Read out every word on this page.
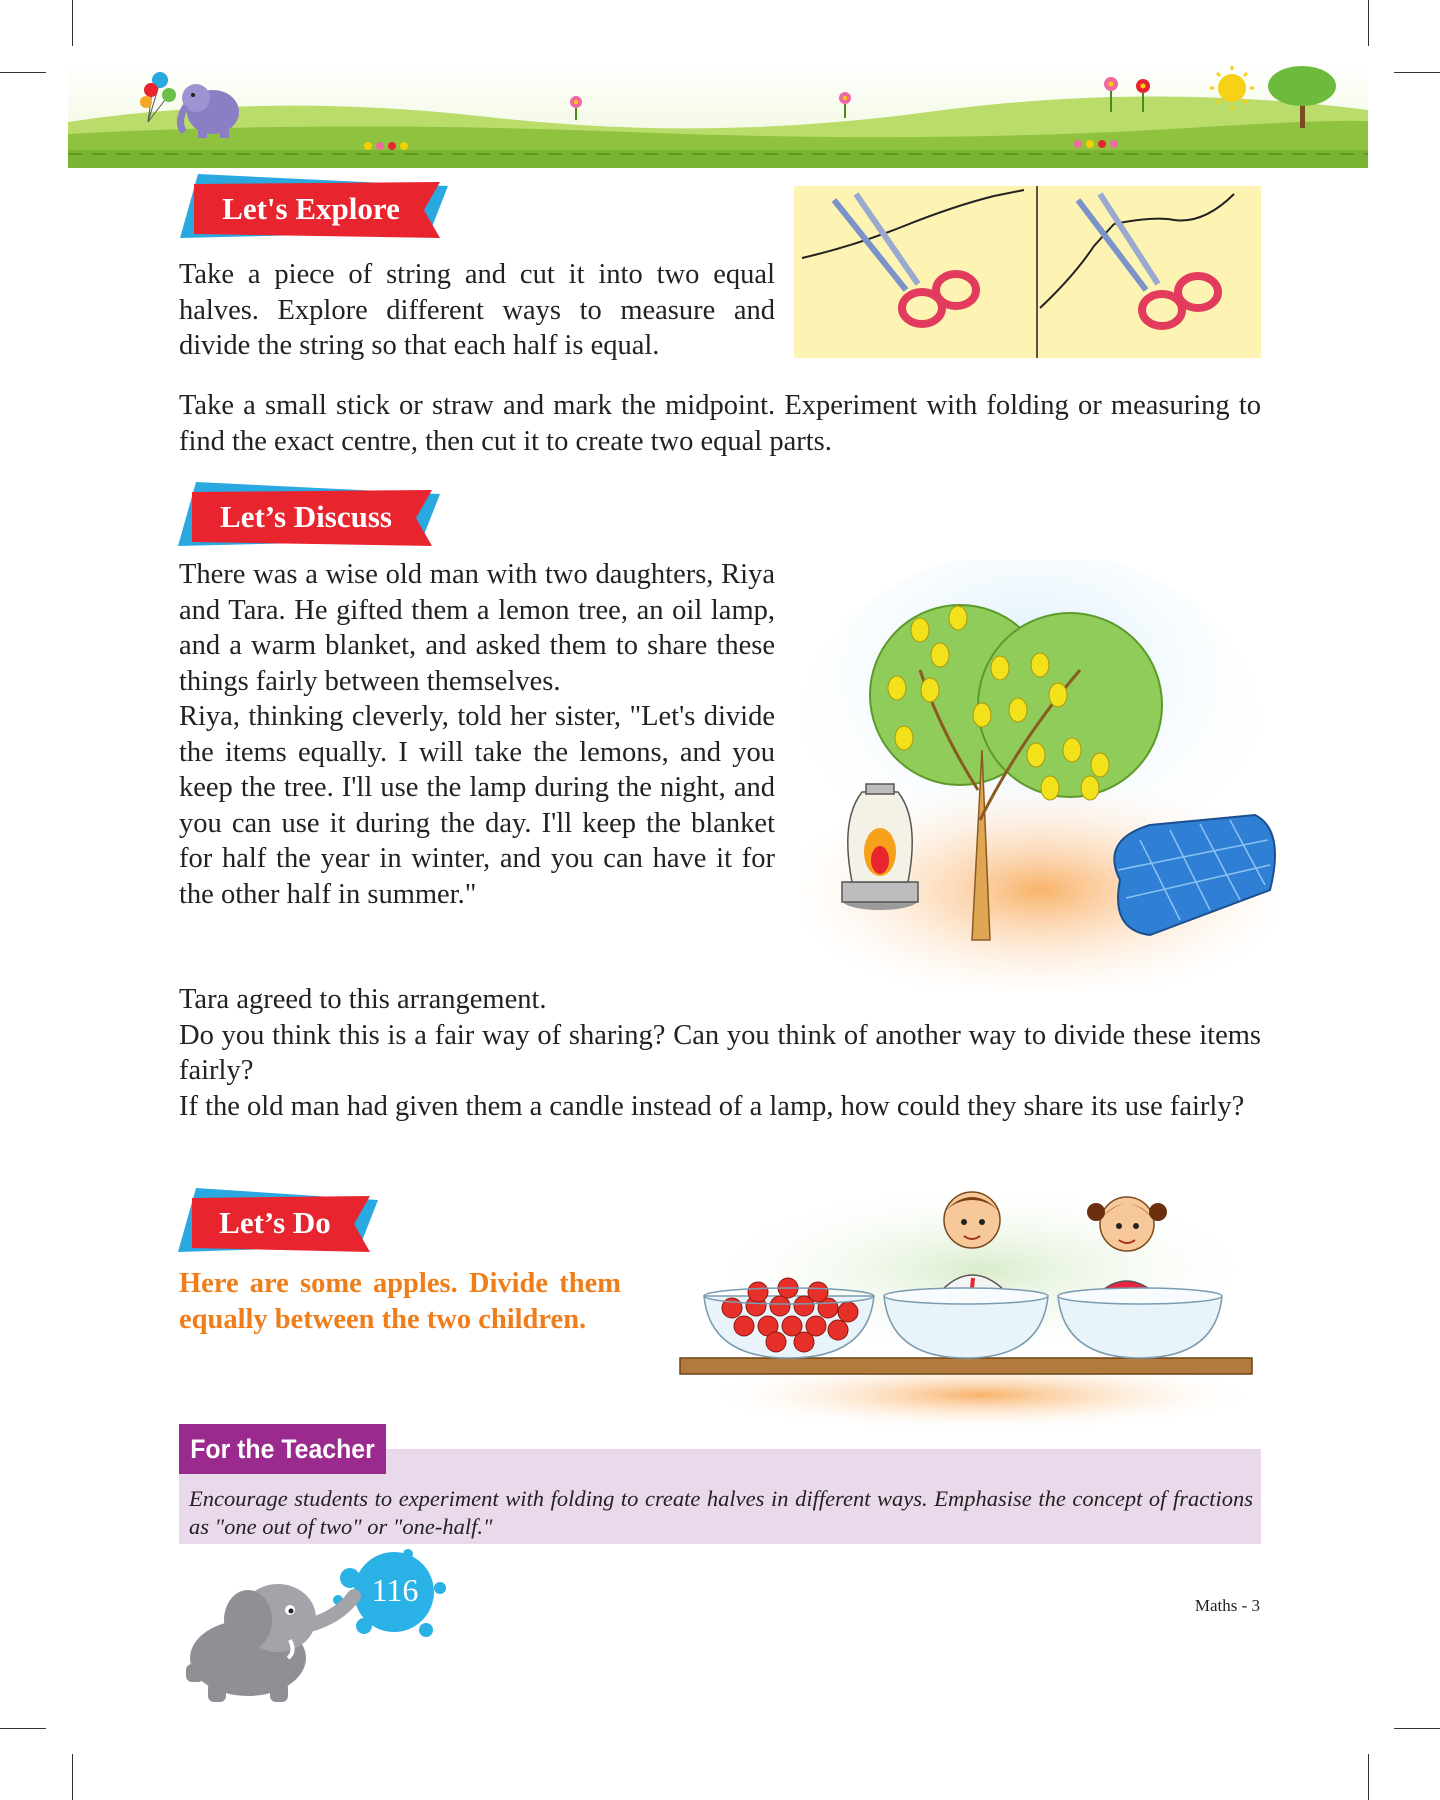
Let's Explore
Take a piece of string and cut it into two equal halves. Explore different ways to measure and divide the string so that each half is equal.
Take a small stick or straw and mark the midpoint. Experiment with folding or measuring to find the exact centre, then cut it to create two equal parts.
Let’s Discuss

There was a wise old man with two daughters, Riya and Tara. He gifted them a lemon tree, an oil lamp, and a warm blanket, and asked them to share these things fairly between themselves.

Riya, thinking cleverly, told her sister, "Let's divide the items equally. I will take the lemons, and you keep the tree. I'll use the lamp during the night, and you can use it during the day. I'll keep the blanket for half the year in winter, and you can have it for the other half in summer."

Tara agreed to this arrangement.

Do you think this is a fair way of sharing? Can you think of another way to divide these items fairly?

If the old man had given them a candle instead of a lamp, how could they share its use fairly?

Let’s Do
Here are some apples. Divide them equally between the two children.
For the Teacher
Encourage students to experiment with folding to create halves in different ways. Emphasise the concept of fractions as "one out of two" or "one-half."
116	Maths - 3
